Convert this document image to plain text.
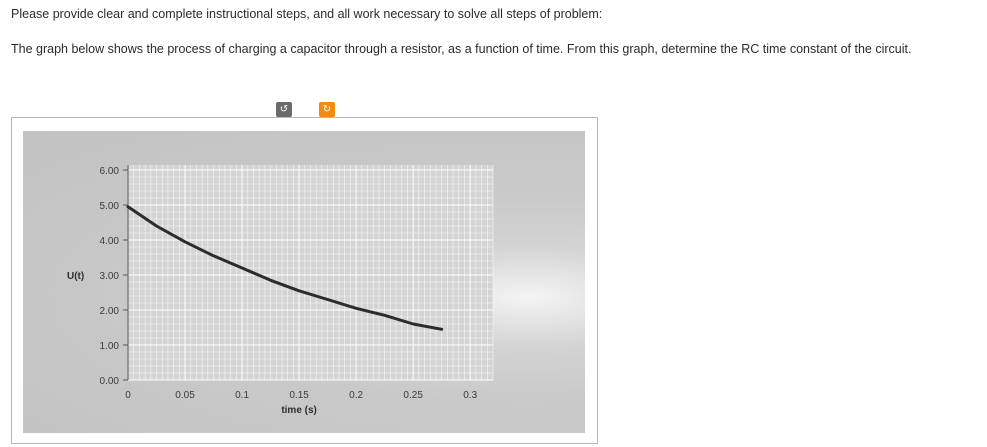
Please provide clear and complete instructional steps, and all work necessary to solve all steps of problem:
The graph below shows the process of charging a capacitor through a resistor, as a function of time. From this graph, determine the RC time constant of the circuit.
↺	↻
6.00
5.00
4.00
3.00
2.00
1.00
0.00
0	0.05	0.1	0.15	0.2	0.25	0.3
U(t)
time (s)
